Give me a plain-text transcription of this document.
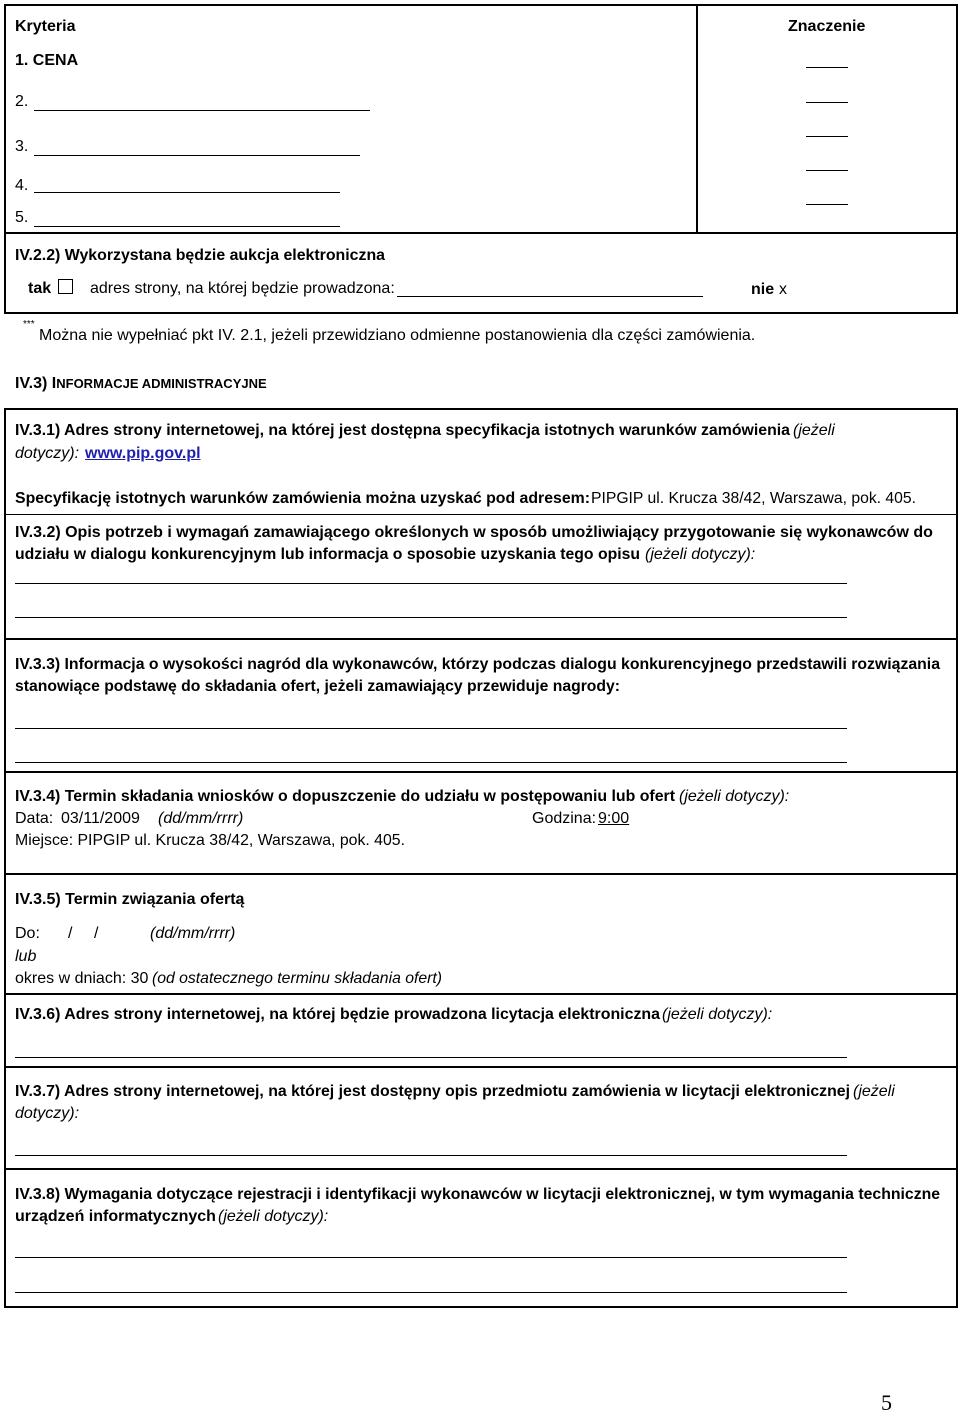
Kryteria	Znaczenie
1. CENA
2.
3.
4.
5.
IV.2.2) Wykorzystana będzie aukcja elektroniczna
tak adres strony, na której będzie prowadzona:	nie x
***
Można nie wypełniać pkt IV. 2.1, jeżeli przewidziano odmienne postanowienia dla części zamówienia.
IV.3) INFORMACJE ADMINISTRACYJNE
IV.3.1) Adres strony internetowej, na której jest dostępna specyfikacja istotnych warunków zamówienia (jeżeli
dotyczy): www.pip.gov.pl
Specyfikację istotnych warunków zamówienia można uzyskać pod adresem: PIPGIP ul. Krucza 38/42, Warszawa, pok. 405.
IV.3.2) Opis potrzeb i wymagań zamawiającego określonych w sposób umożliwiający przygotowanie się wykonawców do
udziału w dialogu konkurencyjnym lub informacja o sposobie uzyskania tego opisu (jeżeli dotyczy):
IV.3.3) Informacja o wysokości nagród dla wykonawców, którzy podczas dialogu konkurencyjnego przedstawili rozwiązania
stanowiące podstawę do składania ofert, jeżeli zamawiający przewiduje nagrody:
IV.3.4) Termin składania wniosków o dopuszczenie do udziału w postępowaniu lub ofert (jeżeli dotyczy):
Data: 03/11/2009 (dd/mm/rrrr)	Godzina: 9:00
Miejsce: PIPGIP ul. Krucza 38/42, Warszawa, pok. 405.
IV.3.5) Termin związania ofertą
Do: / /	(dd/mm/rrrr)
lub
okres w dniach: 30 (od ostatecznego terminu składania ofert)
IV.3.6) Adres strony internetowej, na której będzie prowadzona licytacja elektroniczna (jeżeli dotyczy):
IV.3.7) Adres strony internetowej, na której jest dostępny opis przedmiotu zamówienia w licytacji elektronicznej (jeżeli
dotyczy):
IV.3.8) Wymagania dotyczące rejestracji i identyfikacji wykonawców w licytacji elektronicznej, w tym wymagania techniczne
urządzeń informatycznych (jeżeli dotyczy):
5
